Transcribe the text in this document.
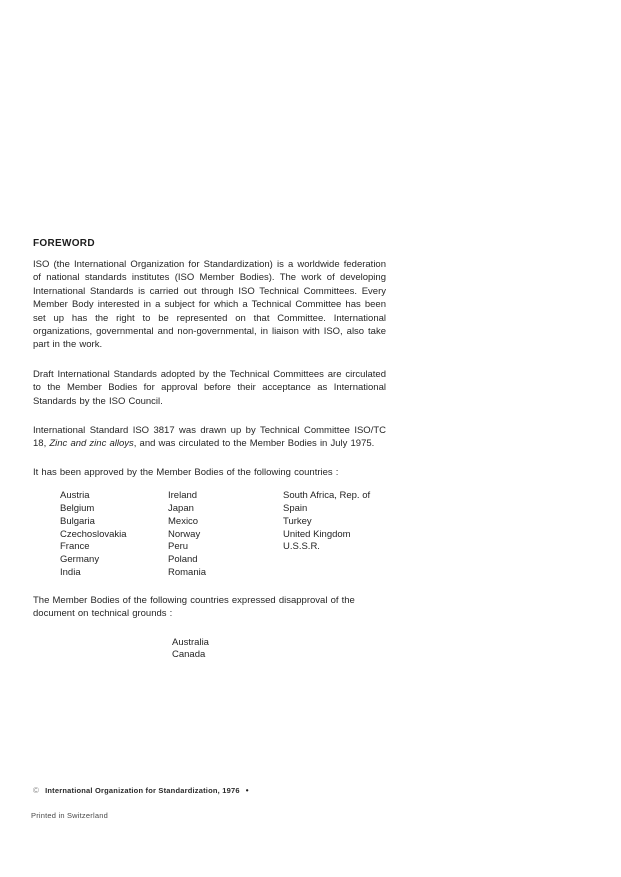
FOREWORD

ISO (the International Organization for Standardization) is a worldwide federation of national standards institutes (ISO Member Bodies). The work of developing International Standards is carried out through ISO Technical Committees. Every Member Body interested in a subject for which a Technical Committee has been set up has the right to be represented on that Committee. International organizations, governmental and non-governmental, in liaison with ISO, also take part in the work.

Draft International Standards adopted by the Technical Committees are circulated to the Member Bodies for approval before their acceptance as International Standards by the ISO Council.

International Standard ISO 3817 was drawn up by Technical Committee ISO/TC 18, Zinc and zinc alloys, and was circulated to the Member Bodies in July 1975.

It has been approved by the Member Bodies of the following countries :

Austria
Belgium
Bulgaria
Czechoslovakia
France
Germany
India
Ireland
Japan
Mexico
Norway
Peru
Poland
Romania
South Africa, Rep. of
Spain
Turkey
United Kingdom
U.S.S.R.

The Member Bodies of the following countries expressed disapproval of the document on technical grounds :

Australia
Canada
© International Organization for Standardization, 1976 •
Printed in Switzerland
